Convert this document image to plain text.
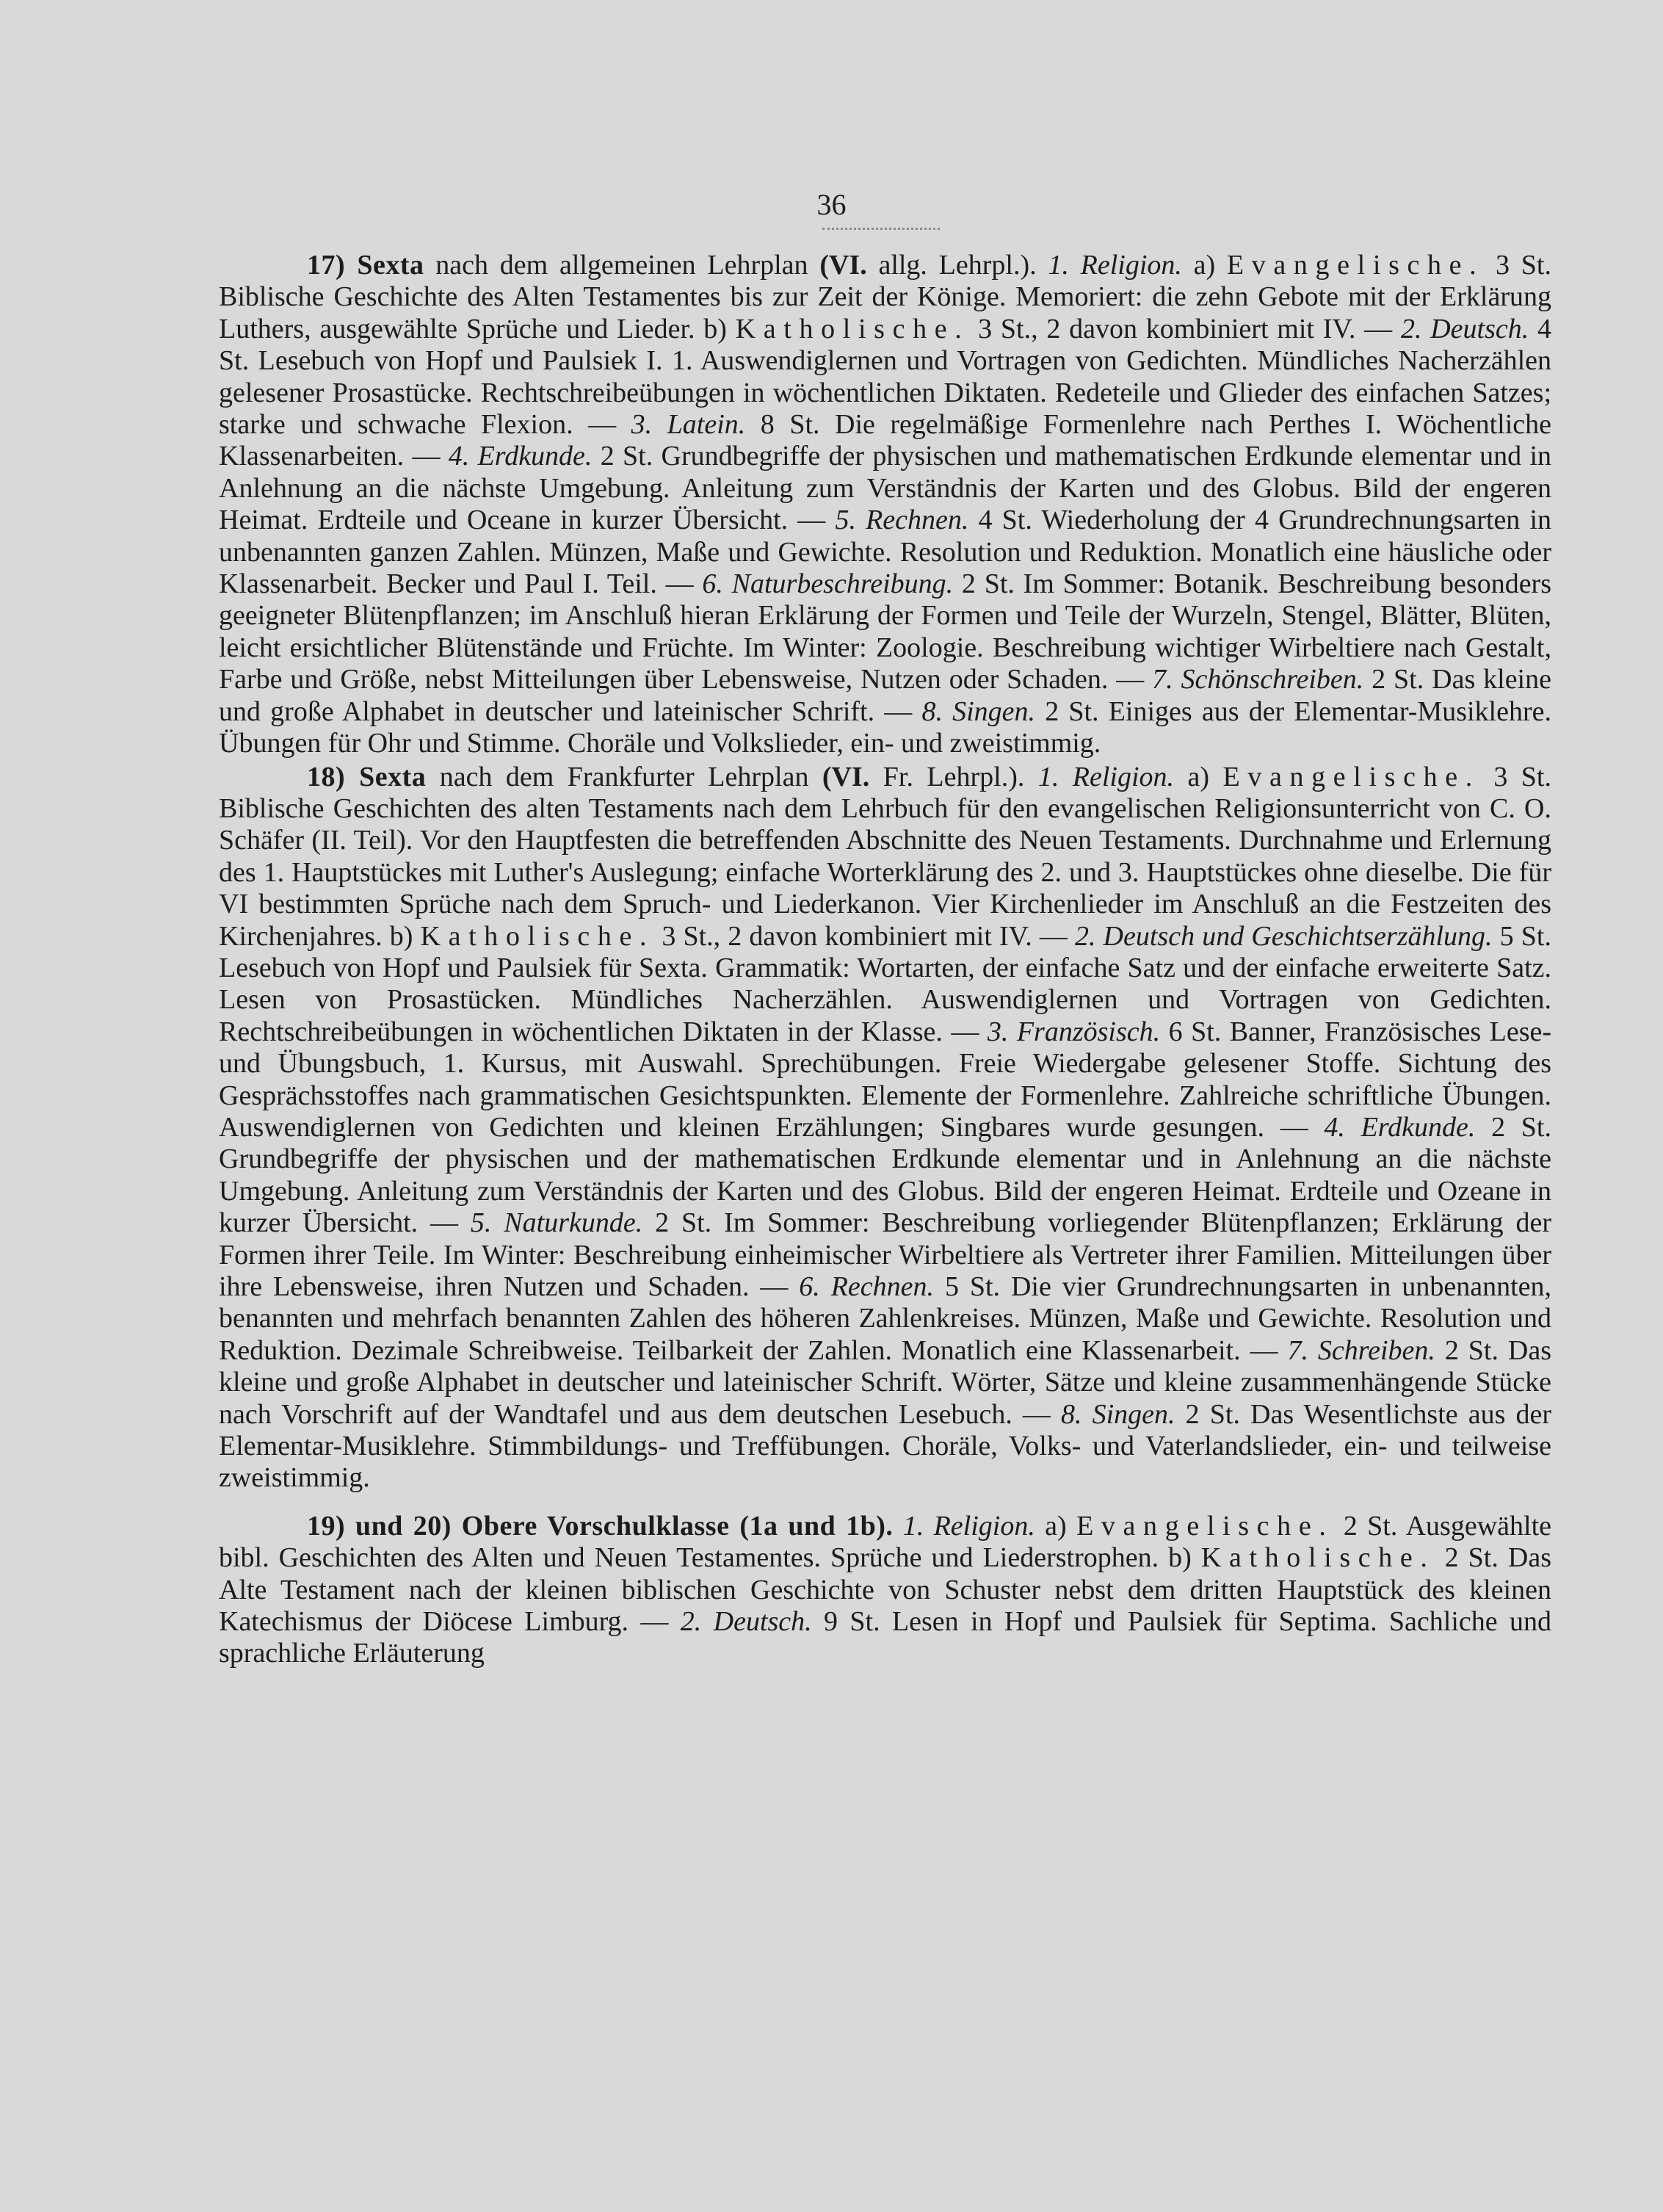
36

17) Sexta nach dem allgemeinen Lehrplan (VI. allg. Lehrpl.). 1. Religion. a) Evangelische. 3 St. Biblische Geschichte des Alten Testamentes bis zur Zeit der Könige. Memoriert: die zehn Gebote mit der Erklärung Luthers, ausgewählte Sprüche und Lieder. b) Katholische. 3 St., 2 davon kombiniert mit IV. — 2. Deutsch. 4 St. Lesebuch von Hopf und Paulsiek I. 1. Auswendiglernen und Vortragen von Gedichten. Mündliches Nacherzählen gelesener Prosastücke. Rechtschreibeübungen in wöchentlichen Diktaten. Redeteile und Glieder des einfachen Satzes; starke und schwache Flexion. — 3. Latein. 8 St. Die regelmäßige Formenlehre nach Perthes I. Wöchentliche Klassenarbeiten. — 4. Erdkunde. 2 St. Grundbegriffe der physischen und mathematischen Erdkunde elementar und in Anlehnung an die nächste Umgebung. Anleitung zum Verständnis der Karten und des Globus. Bild der engeren Heimat. Erdteile und Oceane in kurzer Übersicht. — 5. Rechnen. 4 St. Wiederholung der 4 Grundrechnungsarten in unbenannten ganzen Zahlen. Münzen, Maße und Gewichte. Resolution und Reduktion. Monatlich eine häusliche oder Klassenarbeit. Becker und Paul I. Teil. — 6. Naturbeschreibung. 2 St. Im Sommer: Botanik. Beschreibung besonders geeigneter Blütenpflanzen; im Anschluß hieran Erklärung der Formen und Teile der Wurzeln, Stengel, Blätter, Blüten, leicht ersichtlicher Blütenstände und Früchte. Im Winter: Zoologie. Beschreibung wichtiger Wirbeltiere nach Gestalt, Farbe und Größe, nebst Mitteilungen über Lebensweise, Nutzen oder Schaden. — 7. Schönschreiben. 2 St. Das kleine und große Alphabet in deutscher und lateinischer Schrift. — 8. Singen. 2 St. Einiges aus der Elementar-Musiklehre. Übungen für Ohr und Stimme. Choräle und Volkslieder, ein- und zweistimmig.

18) Sexta nach dem Frankfurter Lehrplan (VI. Fr. Lehrpl.). 1. Religion. a) Evangelische. 3 St. Biblische Geschichten des alten Testaments nach dem Lehrbuch für den evangelischen Religionsunterricht von C. O. Schäfer (II. Teil). Vor den Hauptfesten die betreffenden Abschnitte des Neuen Testaments. Durchnahme und Erlernung des 1. Hauptstückes mit Luther's Auslegung; einfache Worterklärung des 2. und 3. Hauptstückes ohne dieselbe. Die für VI bestimmten Sprüche nach dem Spruch- und Liederkanon. Vier Kirchenlieder im Anschluß an die Festzeiten des Kirchenjahres. b) Katholische. 3 St., 2 davon kombiniert mit IV. — 2. Deutsch und Geschichtserzählung. 5 St. Lesebuch von Hopf und Paulsiek für Sexta. Grammatik: Wortarten, der einfache Satz und der einfache erweiterte Satz. Lesen von Prosastücken. Mündliches Nacherzählen. Auswendiglernen und Vortragen von Gedichten. Rechtschreibeübungen in wöchentlichen Diktaten in der Klasse. — 3. Französisch. 6 St. Banner, Französisches Lese- und Übungsbuch, 1. Kursus, mit Auswahl. Sprechübungen. Freie Wiedergabe gelesener Stoffe. Sichtung des Gesprächsstoffes nach grammatischen Gesichtspunkten. Elemente der Formenlehre. Zahlreiche schriftliche Übungen. Auswendiglernen von Gedichten und kleinen Erzählungen; Singbares wurde gesungen. — 4. Erdkunde. 2 St. Grundbegriffe der physischen und der mathematischen Erdkunde elementar und in Anlehnung an die nächste Umgebung. Anleitung zum Verständnis der Karten und des Globus. Bild der engeren Heimat. Erdteile und Ozeane in kurzer Übersicht. — 5. Naturkunde. 2 St. Im Sommer: Beschreibung vorliegender Blütenpflanzen; Erklärung der Formen ihrer Teile. Im Winter: Beschreibung einheimischer Wirbeltiere als Vertreter ihrer Familien. Mitteilungen über ihre Lebensweise, ihren Nutzen und Schaden. — 6. Rechnen. 5 St. Die vier Grundrechnungsarten in unbenannten, benannten und mehrfach benannten Zahlen des höheren Zahlenkreises. Münzen, Maße und Gewichte. Resolution und Reduktion. Dezimale Schreibweise. Teilbarkeit der Zahlen. Monatlich eine Klassenarbeit. — 7. Schreiben. 2 St. Das kleine und große Alphabet in deutscher und lateinischer Schrift. Wörter, Sätze und kleine zusammenhängende Stücke nach Vorschrift auf der Wandtafel und aus dem deutschen Lesebuch. — 8. Singen. 2 St. Das Wesentlichste aus der Elementar-Musiklehre. Stimmbildungs- und Treffübungen. Choräle, Volks- und Vaterlandslieder, ein- und teilweise zweistimmig.

19) und 20) Obere Vorschulklasse (1a und 1b). 1. Religion. a) Evangelische. 2 St. Ausgewählte bibl. Geschichten des Alten und Neuen Testamentes. Sprüche und Liederstrophen. b) Katholische. 2 St. Das Alte Testament nach der kleinen biblischen Geschichte von Schuster nebst dem dritten Hauptstück des kleinen Katechismus der Diöcese Limburg. — 2. Deutsch. 9 St. Lesen in Hopf und Paulsiek für Septima. Sachliche und sprachliche Erläuterung
